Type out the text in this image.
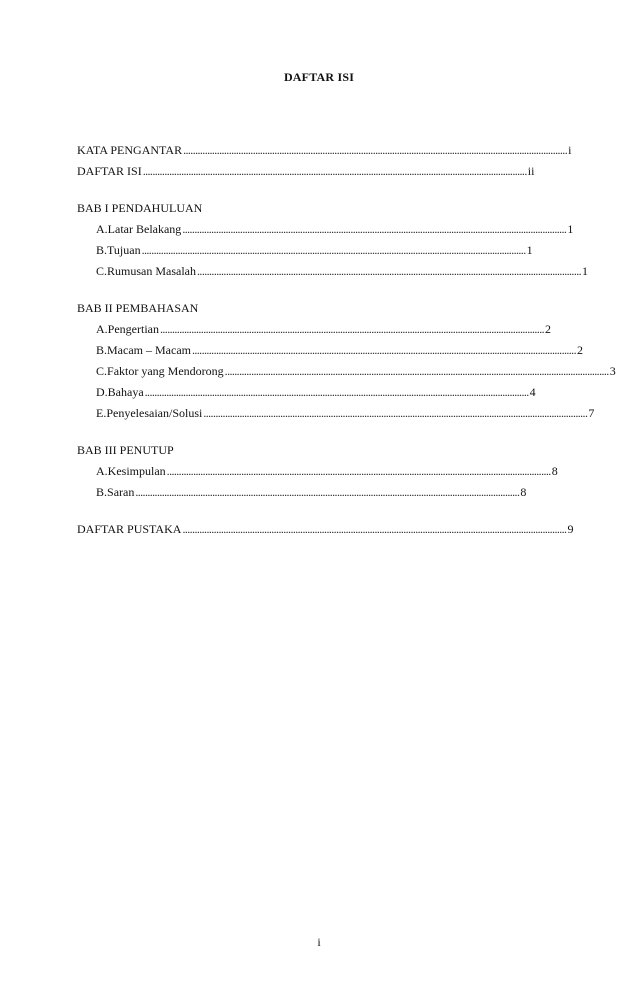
DAFTAR ISI
KATA PENGANTAR ................................................................................................................................................................ i
DAFTAR ISI ................................................................................................................................................................ ii
BAB I PENDAHULUAN
A. Latar Belakang ................................................................................................................................................................ 1
B. Tujuan ................................................................................................................................................................ 1
C. Rumusan Masalah ................................................................................................................................................................ 1
BAB II PEMBAHASAN
A. Pengertian ................................................................................................................................................................ 2
B. Macam – Macam ................................................................................................................................................................ 2
C. Faktor yang Mendorong ................................................................................................................................................................ 3
D. Bahaya ................................................................................................................................................................ 4
E. Penyelesaian/Solusi ................................................................................................................................................................ 7
BAB III PENUTUP
A. Kesimpulan ................................................................................................................................................................ 8
B. Saran ................................................................................................................................................................ 8
DAFTAR PUSTAKA ................................................................................................................................................................ 9
i
